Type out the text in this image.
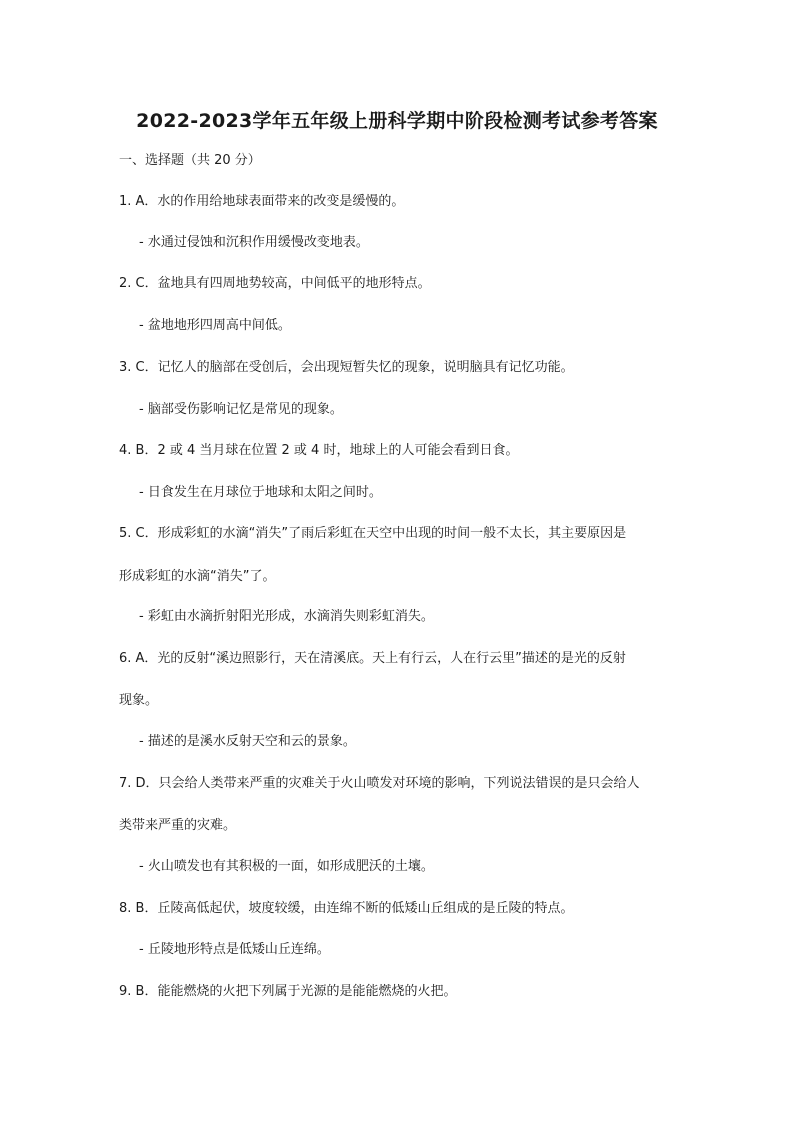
2022-2023学年五年级上册科学期中阶段检测考试参考答案
一、选择题（共 20 分）
1. A．水的作用给地球表面带来的改变是缓慢的。
- 水通过侵蚀和沉积作用缓慢改变地表。
2. C．盆地具有四周地势较高，中间低平的地形特点。
- 盆地地形四周高中间低。
3. C．记忆人的脑部在受创后，会出现短暂失忆的现象，说明脑具有记忆功能。
- 脑部受伤影响记忆是常见的现象。
4. B．2 或 4 当月球在位置 2 或 4 时，地球上的人可能会看到日食。
- 日食发生在月球位于地球和太阳之间时。
5. C．形成彩虹的水滴“消失”了雨后彩虹在天空中出现的时间一般不太长，其主要原因是
形成彩虹的水滴“消失”了。
- 彩虹由水滴折射阳光形成，水滴消失则彩虹消失。
6. A．光的反射“溪边照影行，天在清溪底。天上有行云，人在行云里”描述的是光的反射
现象。
- 描述的是溪水反射天空和云的景象。
7. D．只会给人类带来严重的灾难关于火山喷发对环境的影响，下列说法错误的是只会给人
类带来严重的灾难。
- 火山喷发也有其积极的一面，如形成肥沃的土壤。
8. B．丘陵高低起伏，坡度较缓，由连绵不断的低矮山丘组成的是丘陵的特点。
- 丘陵地形特点是低矮山丘连绵。
9. B．能能燃烧的火把下列属于光源的是能能燃烧的火把。
